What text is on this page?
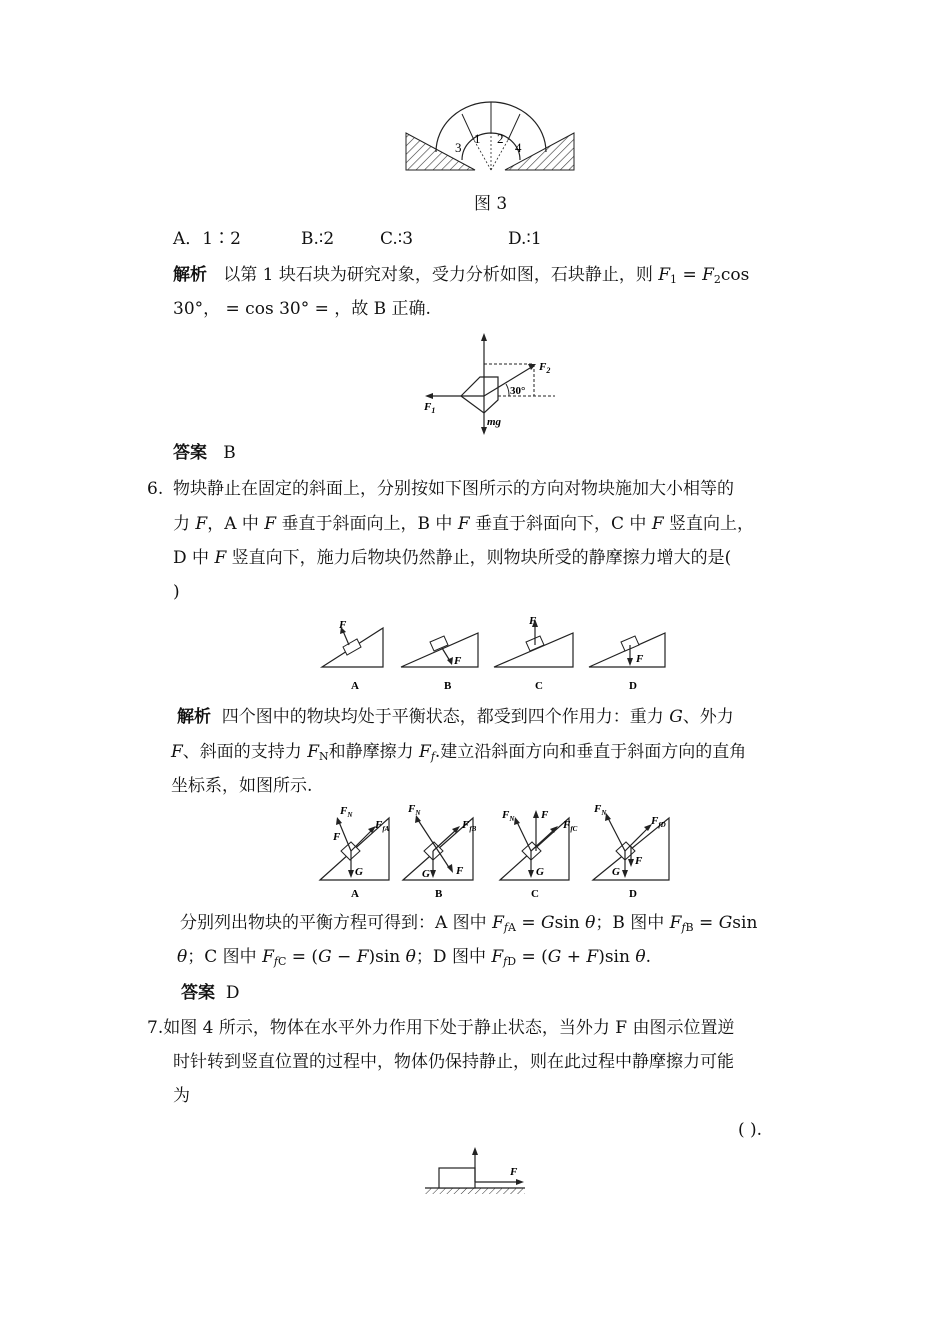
3
1 2
4
图 3
A．1∶2	B.∶2	C.∶3	D.∶1
解析 以第 1 块石块为研究对象，受力分析如图，石块静止，则 $F_1 = F_2\cos$
30°， = cos 30° = ，故 B 正确.
$F_2$
30°
$F_1$
mg
答案 B
6. 物块静止在固定的斜面上，分别按如下图所示的方向对物块施加大小相等的
力 F，A 中 F 垂直于斜面向上，B 中 F 垂直于斜面向下，C 中 F 竖直向上，
D 中 F 竖直向下，施力后物块仍然静止，则物块所受的静摩擦力增大的是(
)
F
A
F
B
F
C
F
D
解析  四个图中的物块均处于平衡状态，都受到四个作用力：重力 G、外力
F、斜面的支持力 $F_N$和静摩擦力 $F_f$.建立沿斜面方向和垂直于斜面方向的直角
坐标系，如图所示.
$F_N$
F
$F_{fA}$
G
A
$F_N$
$F_{fB}$
G F
B
$F_N$ F
$F_{fC}$
G
C
$F_N$
$F_{fD}$
G
F
D
分别列出物块的平衡方程可得到：A 图中 $F_{fA} = Gsin$ θ；B 图中 $F_{fB} = Gsin$
θ；C 图中 $F_{fC} = (G - F)\sin$ θ；D 图中 $F_{fD} = (G + F)\sin$ θ.
答案 D
7.如图 4 所示，物体在水平外力作用下处于静止状态，当外力 F 由图示位置逆
时针转到竖直位置的过程中，物体仍保持静止，则在此过程中静摩擦力可能
为
( ).
F
